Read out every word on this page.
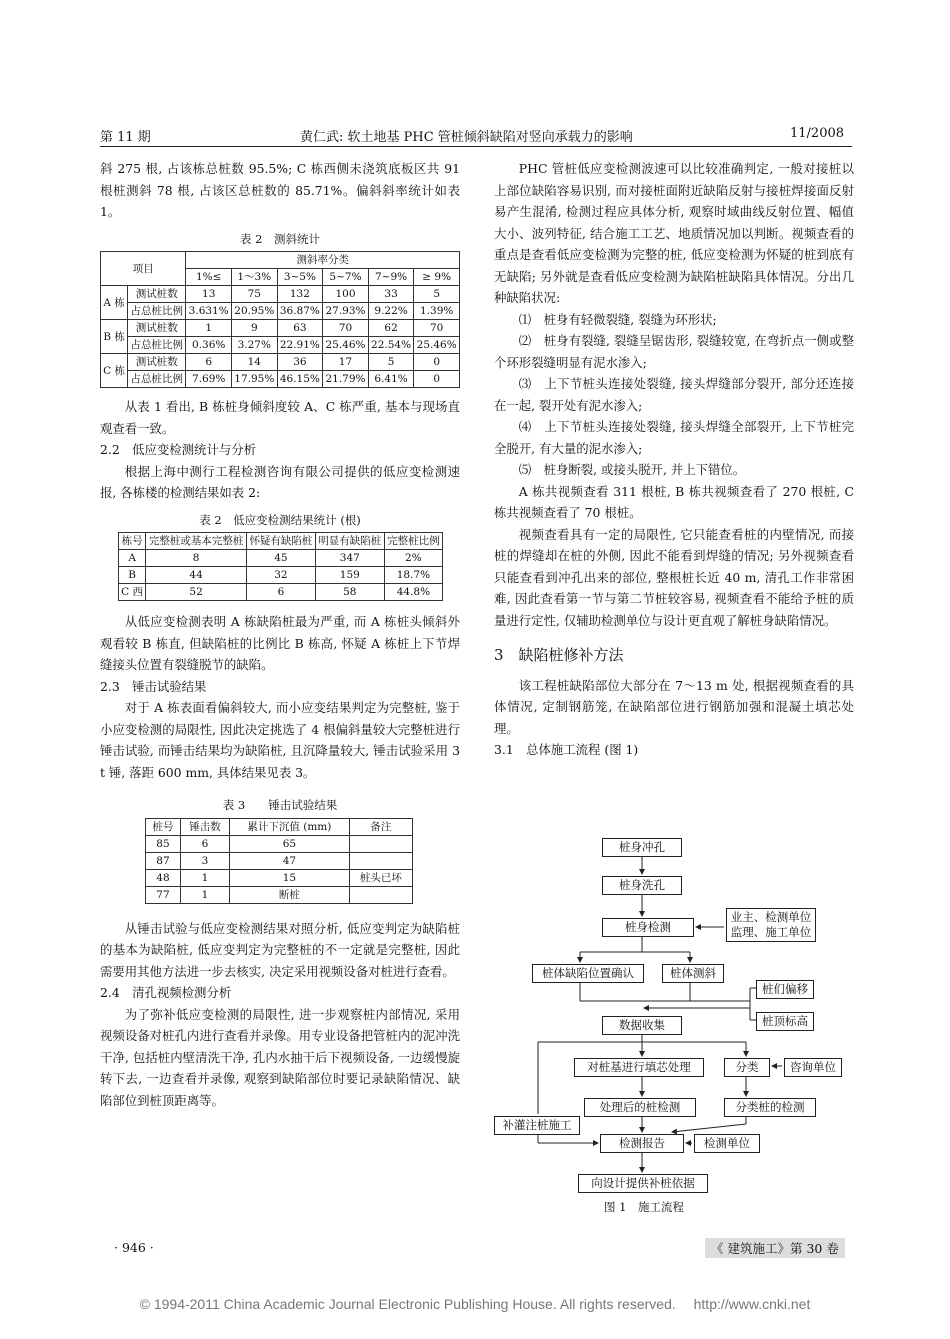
第 11 期	黄仁武: 软土地基 PHC 管桩倾斜缺陷对竖向承载力的影响	11/2008

斜 275 根, 占该栋总桩数 95.5%; C 栋西侧未浇筑底板区共 91 根桩测斜 78 根, 占该区总桩数的 85.71%。偏斜斜率统计如表 1。

表 2　测斜统计
项目		测斜率分类					
		1%≤	1～3%	3~5%	5~7%	7~9%	≥ 9%
A 栋	测试桩数	13	75	132	100	33	5
	占总桩比例	3.631%	20.95%	36.87%	27.93%	9.22%	1.39%
B 栋	测试桩数	1	9	63	70	62	70
	占总桩比例	0.36%	3.27%	22.91%	25.46%	22.54%	25.46%
C 栋	测试桩数	6	14	36	17	5	0
	占总桩比例	7.69%	17.95%	46.15%	21.79%	6.41%	0

从表 1 看出, B 栋桩身倾斜度较 A、C 栋严重, 基本与现场直观查看一致。

2.2　低应变检测统计与分析

根据上海中测行工程检测咨询有限公司提供的低应变检测速报, 各栋楼的检测结果如表 2:

表 2　低应变检测结果统计 (根)
栋号	完整桩或基本完整桩	怀疑有缺陷桩	明显有缺陷桩	完整桩比例
A	8	45	347	2%
B	44	32	159	18.7%
C 西	52	6	58	44.8%

从低应变检测表明 A 栋缺陷桩最为严重, 而 A 栋桩头倾斜外观看较 B 栋直, 但缺陷桩的比例比 B 栋高, 怀疑 A 栋桩上下节焊缝接头位置有裂缝脱节的缺陷。

2.3　锤击试验结果

对于 A 栋表面看偏斜较大, 而小应变结果判定为完整桩, 鉴于小应变检测的局限性, 因此决定挑选了 4 根偏斜量较大完整桩进行锤击试验, 而锤击结果均为缺陷桩, 且沉降量较大, 锤击试验采用 3 t 锤, 落距 600 mm, 具体结果见表 3。

表 3　　锤击试验结果
桩号	锤击数	累计下沉值 (mm)	备注
85	6	65	
87	3	47	
48	1	15	桩头已坏
77	1	断桩	

从锤击试验与低应变检测结果对照分析, 低应变判定为缺陷桩的基本为缺陷桩, 低应变判定为完整桩的不一定就是完整桩, 因此需要用其他方法进一步去核实, 决定采用视频设备对桩进行查看。

2.4　清孔视频检测分析

为了弥补低应变检测的局限性, 进一步观察桩内部情况, 采用视频设备对桩孔内进行查看并录像。用专业设备把管桩内的泥冲洗干净, 包括桩内壁清洗干净, 孔内水抽干后下视频设备, 一边缓慢旋转下去, 一边查看并录像, 观察到缺陷部位时要记录缺陷情况、缺陷部位到桩顶距离等。

PHC 管桩低应变检测波速可以比较准确判定, 一般对接桩以上部位缺陷容易识别, 而对接桩面附近缺陷反射与接桩焊接面反射易产生混淆, 检测过程应具体分析, 观察时域曲线反射位置、幅值大小、波列特征, 结合施工工艺、地质情况加以判断。视频查看的重点是查看低应变检测为完整的桩, 低应变检测为怀疑的桩到底有无缺陷; 另外就是查看低应变检测为缺陷桩缺陷具体情况。分出几种缺陷状况:

⑴　桩身有轻微裂缝, 裂缝为环形状;

⑵　桩身有裂缝, 裂缝呈锯齿形, 裂缝较宽, 在弯折点一侧或整个环形裂缝明显有泥水渗入;

⑶　上下节桩头连接处裂缝, 接头焊缝部分裂开, 部分还连接在一起, 裂开处有泥水渗入;

⑷　上下节桩头连接处裂缝, 接头焊缝全部裂开, 上下节桩完全脱开, 有大量的泥水渗入;

⑸　桩身断裂, 或接头脱开, 并上下错位。

A 栋共视频查看 311 根桩, B 栋共视频查看了 270 根桩, C 栋共视频查看了 70 根桩。

视频查看具有一定的局限性, 它只能查看桩的内壁情况, 而接桩的焊缝却在桩的外侧, 因此不能看到焊缝的情况; 另外视频查看只能查看到冲孔出来的部位, 整根桩长近 40 m, 清孔工作非常困难, 因此查看第一节与第二节桩较容易, 视频查看不能给予桩的质量进行定性, 仅辅助检测单位与设计更直观了解桩身缺陷情况。

3　缺陷桩修补方法

该工程桩缺陷部位大部分在 7～13 m 处, 根据视频查看的具体情况, 定制钢筋笼, 在缺陷部位进行钢筋加强和混凝土填芯处理。

3.1　总体施工流程 (图 1)

桩身冲孔
桩身洗孔
桩身检测
业主、检测单位
监理、施工单位
桩体缺陷位置确认	桩体测斜
桩们偏移
桩顶标高
数据收集
对桩基进行填芯处理	分类	咨询单位
处理后的桩检测	分类桩的检测
补灌注桩施工
检测报告	检测单位
向设计提供补桩依据
图 1　施工流程
· 946 ·	《 建筑施工》第 30 卷
© 1994-2011 China Academic Journal Electronic Publishing House. All rights reserved.　 http://www.cnki.net
